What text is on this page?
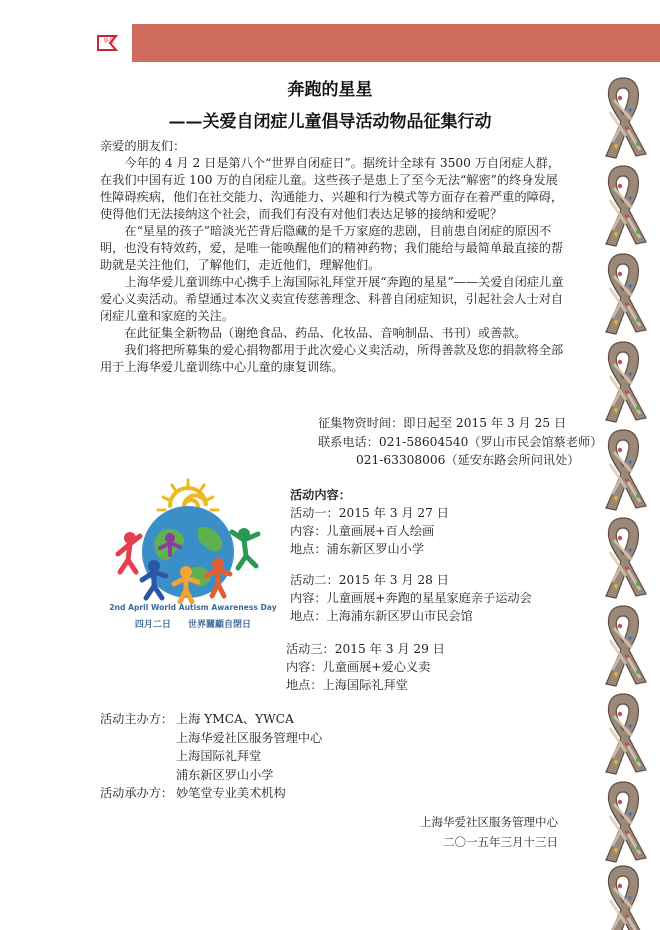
华爱
奔跑的星星
——关爱自闭症儿童倡导活动物品征集行动

亲爱的朋友们：

今年的 4 月 2 日是第八个“世界自闭症日”。据统计全球有 3500 万自闭症人群，在我们中国有近 100 万的自闭症儿童。这些孩子是患上了至今无法“解密”的终身发展性障碍疾病，他们在社交能力、沟通能力、兴趣和行为模式等方面存在着严重的障碍，使得他们无法接纳这个社会，而我们有没有对他们表达足够的接纳和爱呢？

在“星星的孩子”暗淡光芒背后隐藏的是千万家庭的悲剧，目前患自闭症的原因不明，也没有特效药，爱，是唯一能唤醒他们的精神药物；我们能给与最简单最直接的帮助就是关注他们，了解他们，走近他们，理解他们。

上海华爱儿童训练中心携手上海国际礼拜堂开展“奔跑的星星”——关爱自闭症儿童爱心义卖活动。希望通过本次义卖宣传慈善理念、科普自闭症知识，引起社会人士对自闭症儿童和家庭的关注。

在此征集全新物品（谢绝食品、药品、化妆品、音响制品、书刊）或善款。

我们将把所募集的爱心捐物都用于此次爱心义卖活动，所得善款及您的捐款将全部用于上海华爱儿童训练中心儿童的康复训练。

征集物资时间：即日起至 2015 年 3 月 25 日
联系电话：021-58604540（罗山市民会馆蔡老师）
021-63308006（延安东路会所问讯处）
2nd April World Autism Awareness Day
四月二日 世界關顧自閉日
活动内容：
活动一：2015 年 3 月 27 日
内容：儿童画展+百人绘画
地点：浦东新区罗山小学
活动二：2015 年 3 月 28 日
内容：儿童画展+奔跑的星星家庭亲子运动会
地点：上海浦东新区罗山市民会馆
活动三：2015 年 3 月 29 日
内容：儿童画展+爱心义卖
地点：上海国际礼拜堂
活动主办方： 上海 YMCA、YWCA
上海华爱社区服务管理中心
上海国际礼拜堂
浦东新区罗山小学
活动承办方： 妙笔堂专业美术机构
上海华爱社区服务管理中心
二〇一五年三月十三日
